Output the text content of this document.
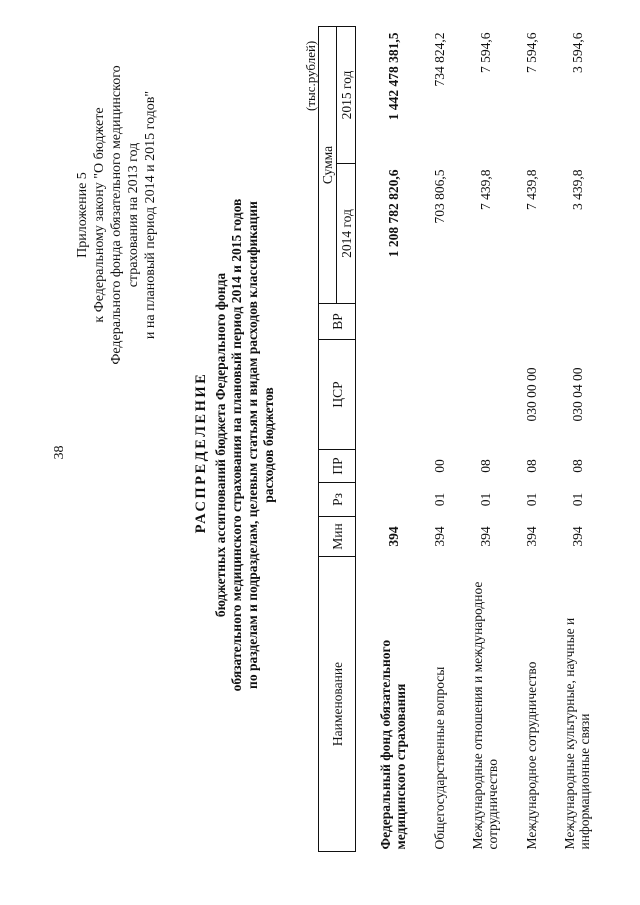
38
Приложение 5 к Федеральному закону "О бюджете Федерального фонда обязательного медицинского страхования на 2013 год и на плановый период 2014 и 2015 годов"
РАСПРЕДЕЛЕНИЕ бюджетных ассигнований бюджета Федерального фонда обязательного медицинского страхования на плановый период 2014 и 2015 годов по разделам и подразделам, целевым статьям и видам расходов классификации расходов бюджетов
(тыс.рублей)
Наименование	Мин	Рз	ПР	ЦСР	ВР	Сумма	
						2014 год	2015 год

Федеральный фонд обязательного медицинского страхования	394					1 208 782 820,6	1 442 478 381,5
Общегосударственные вопросы	394	01	00			703 806,5	734 824,2
Международные отношения и международное сотрудничество	394	01	08			7 439,8	7 594,6
Международное сотрудничество	394	01	08	030 00 00		7 439,8	7 594,6
Международные культурные, научные и информационные связи	394	01	08	030 04 00		3 439,8	3 594,6
